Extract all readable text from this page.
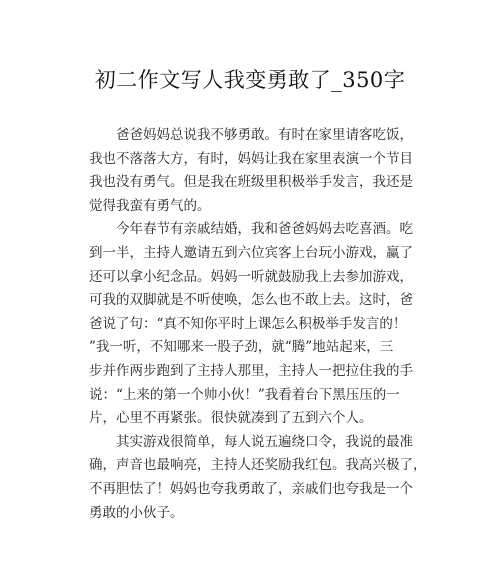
初二作文写人我变勇敢了_350字
爸爸妈妈总说我不够勇敢。有时在家里请客吃饭，
我也不落落大方，有时，妈妈让我在家里表演一个节目
我也没有勇气。但是我在班级里积极举手发言，我还是
觉得我蛮有勇气的。
今年春节有亲戚结婚，我和爸爸妈妈去吃喜酒。吃
到一半，主持人邀请五到六位宾客上台玩小游戏，赢了
还可以拿小纪念品。妈妈一听就鼓励我上去参加游戏，
可我的双脚就是不听使唤，怎么也不敢上去。这时，爸
爸说了句：“真不知你平时上课怎么积极举手发言的！
”我一听，不知哪来一股子劲，就“腾”地站起来，三
步并作两步跑到了主持人那里，主持人一把拉住我的手
说：“上来的第一个帅小伙！”我看着台下黑压压的一
片，心里不再紧张。很快就凑到了五到六个人。
其实游戏很简单，每人说五遍绕口令，我说的最准
确，声音也最响亮，主持人还奖励我红包。我高兴极了，
不再胆怯了！妈妈也夸我勇敢了，亲戚们也夸我是一个
勇敢的小伙子。
